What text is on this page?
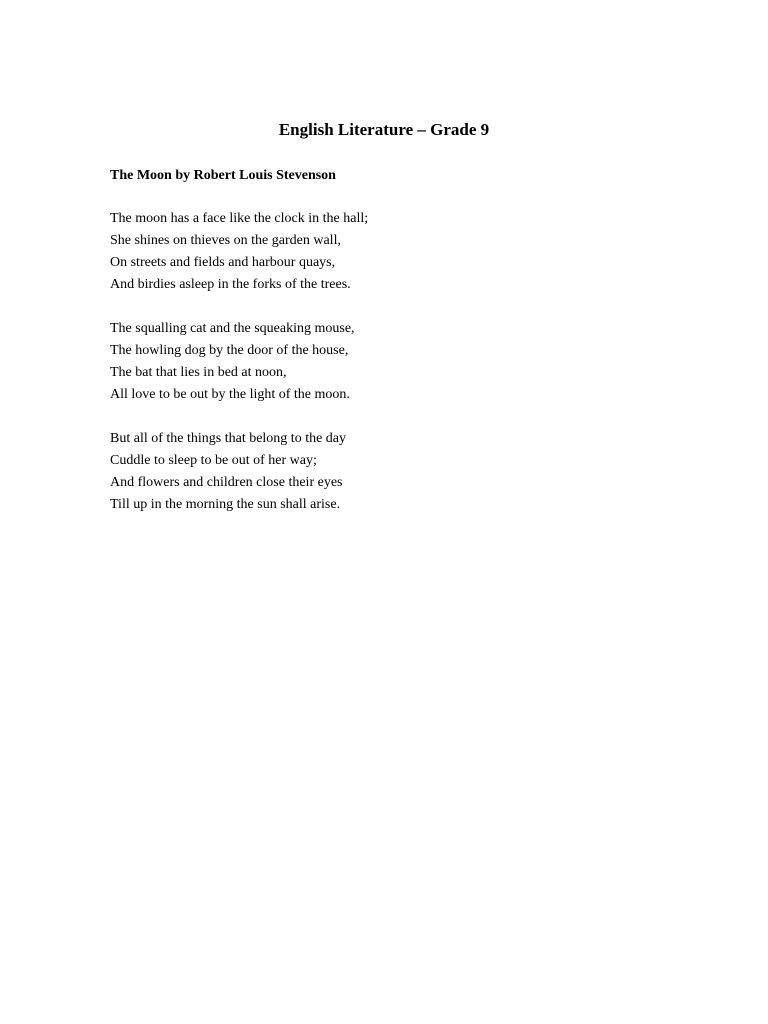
English Literature – Grade 9
The Moon by Robert Louis Stevenson
The moon has a face like the clock in the hall;
She shines on thieves on the garden wall,
On streets and fields and harbour quays,
And birdies asleep in the forks of the trees.
The squalling cat and the squeaking mouse,
The howling dog by the door of the house,
The bat that lies in bed at noon,
All love to be out by the light of the moon.
But all of the things that belong to the day
Cuddle to sleep to be out of her way;
And flowers and children close their eyes
Till up in the morning the sun shall arise.
